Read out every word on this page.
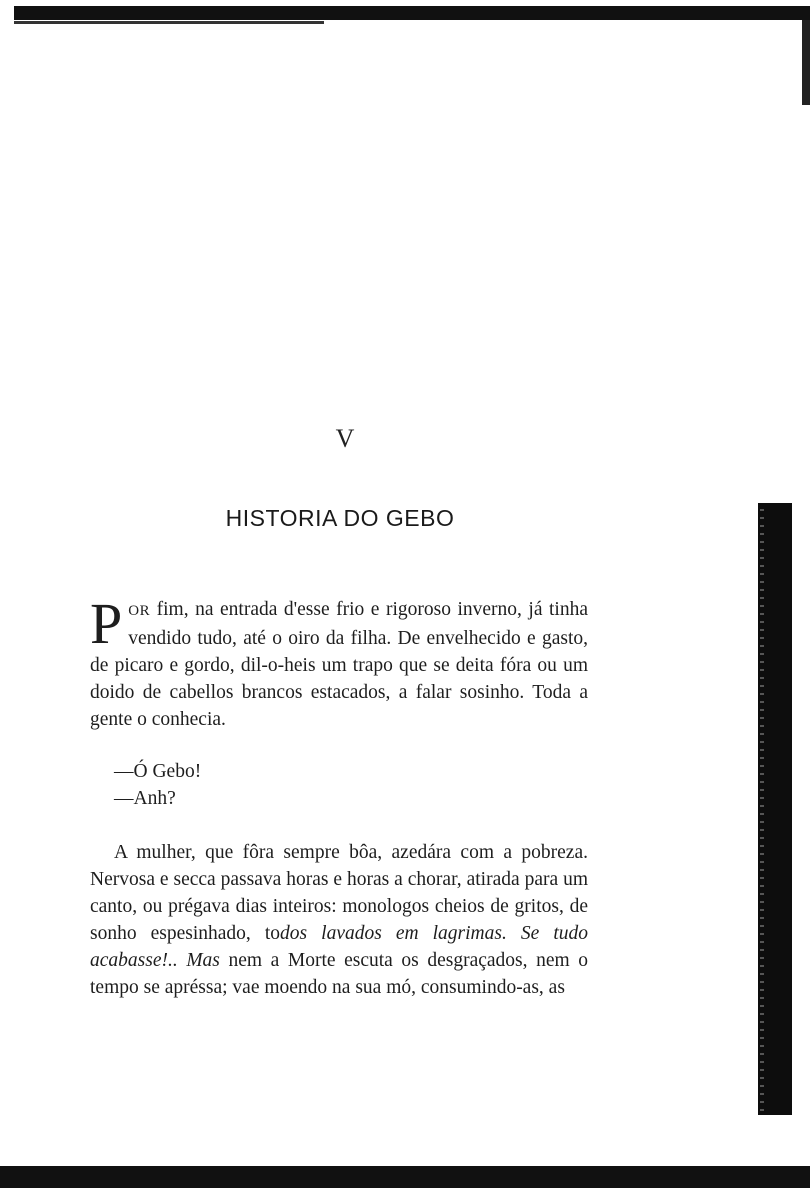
V
HISTORIA DO GEBO
POR fim, na entrada d'esse frio e rigoroso inverno, já tinha vendido tudo, até o oiro da filha. De envelhecido e gasto, de picaro e gordo, dil-o-heis um trapo que se deita fóra ou um doido de cabellos brancos estacados, a falar sosinho. Toda a gente o conhecia.
—Ó Gebo!
—Anh?
A mulher, que fôra sempre bôa, azedára com a pobreza. Nervosa e secca passava horas e horas a chorar, atirada para um canto, ou prégava dias inteiros: monologos cheios de gritos, de sonho espesinhado, todos lavados em lagrimas. Se tudo acabasse!.. Mas nem a Morte escuta os desgraçados, nem o tempo se apréssa; vae moendo na sua mó, consumindo-as, as
